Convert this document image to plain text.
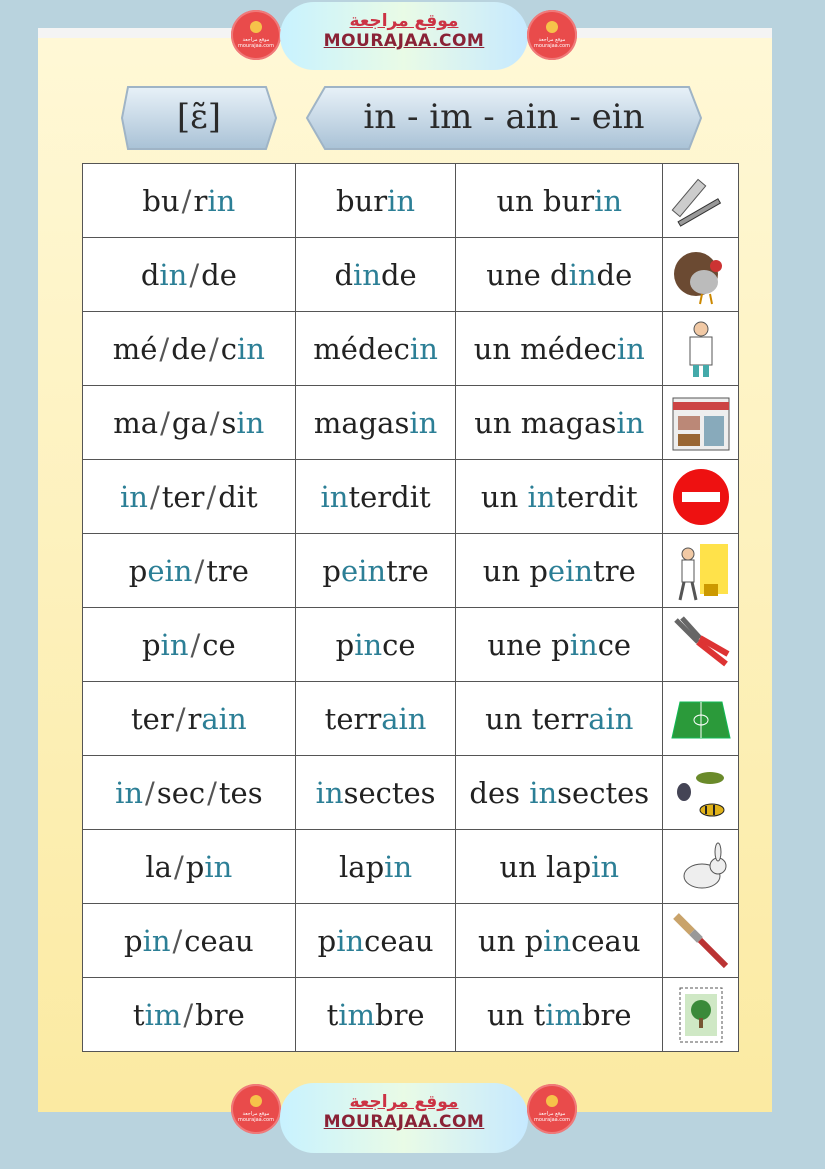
موقع مراجعة mourajaa.com
موقع مراجعة
MOURAJAA.COM	موقع مراجعة mourajaa.com
[ɛ̃]	in - im - ain - ein
bu/rin	burin	un burin	
din/de	dinde	une dinde	
mé/de/cin	médecin	un médecin	
ma/ga/sin	magasin	un magasin	
in/ter/dit	interdit	un interdit	
pein/tre	peintre	un peintre	
pin/ce	pince	une pince	
ter/rain	terrain	un terrain	
in/sec/tes	insectes	des insectes	
la/pin	lapin	un lapin	
pin/ceau	pinceau	un pinceau	
tim/bre	timbre	un timbre	
موقع مراجعة mourajaa.com
موقع مراجعة
MOURAJAA.COM	موقع مراجعة mourajaa.com
